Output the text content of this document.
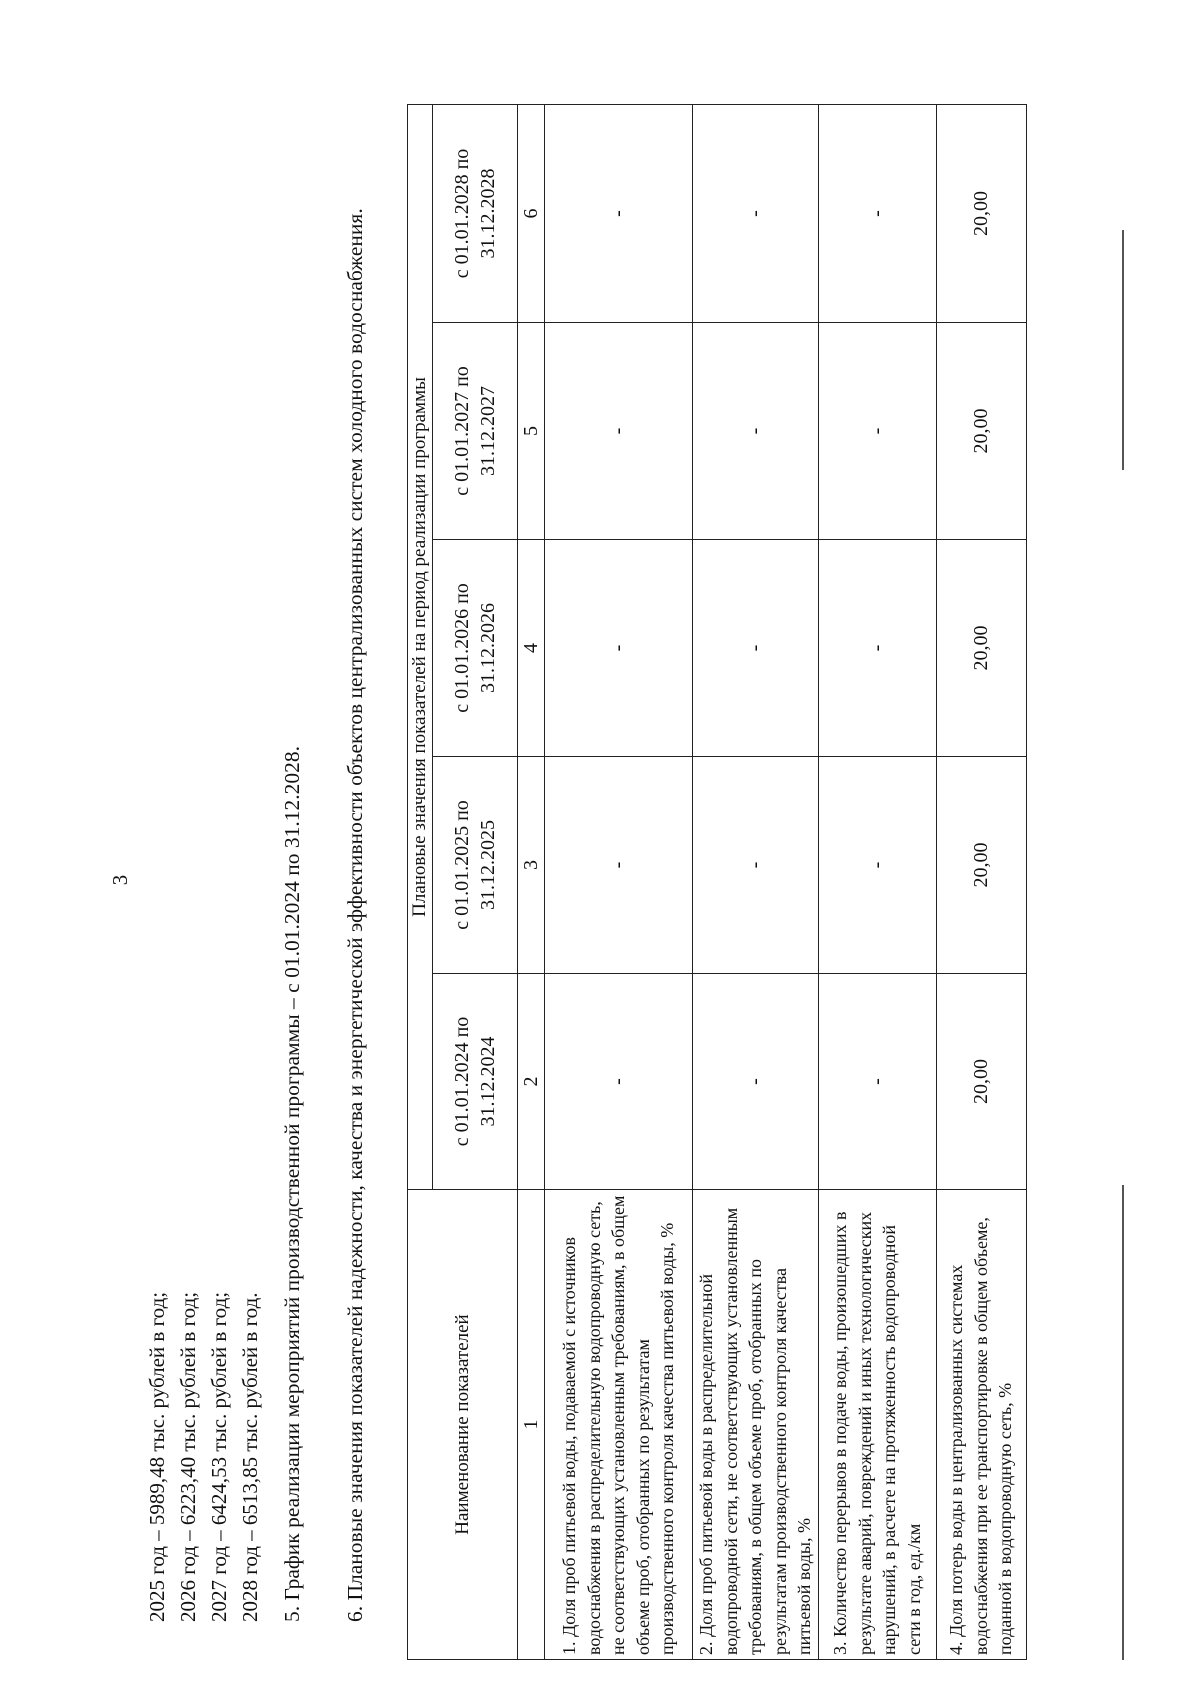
3
2025 год – 5989,48 тыс. рублей в год; 2026 год – 6223,40 тыс. рублей в год; 2027 год – 6424,53 тыс. рублей в год; 2028 год – 6513,85 тыс. рублей в год. 5. График реализации мероприятий производственной программы – с 01.01.2024 по 31.12.2028. 6. Плановые значения показателей надежности, качества и энергетической эффективности объектов централизованных систем холодного водоснабжения.	Наименование показателей	Плановые значения показателей на период реализации программы				
	с 01.01.2024 по 31.12.2024	с 01.01.2025 по 31.12.2025	с 01.01.2026 по 31.12.2026	с 01.01.2027 по 31.12.2027	с 01.01.2028 по 31.12.2028
1	2	3	4	5	6
1. Доля проб питьевой воды, подаваемой с источников водоснабжения в распределительную водопроводную сеть, не соответствующих установленным требованиям, в общем объеме проб, отобранных по результатам производственного контроля качества питьевой воды, %	-	-	-	-	-
2. Доля проб питьевой воды в распределительной водопроводной сети, не соответствующих установленным требованиям, в общем объеме проб, отобранных по результатам производственного контроля качества питьевой воды, %	-	-	-	-	-
3. Количество перерывов в подаче воды, произошедших в результате аварий, повреждений и иных технологических нарушений, в расчете на протяженность водопроводной сети в год, ед./км	-	-	-	-	-
4. Доля потерь воды в централизованных системах водоснабжения при ее транспортировке в общем объеме, поданной в водопроводную сеть, %	20,00	20,00	20,00	20,00	20,00
